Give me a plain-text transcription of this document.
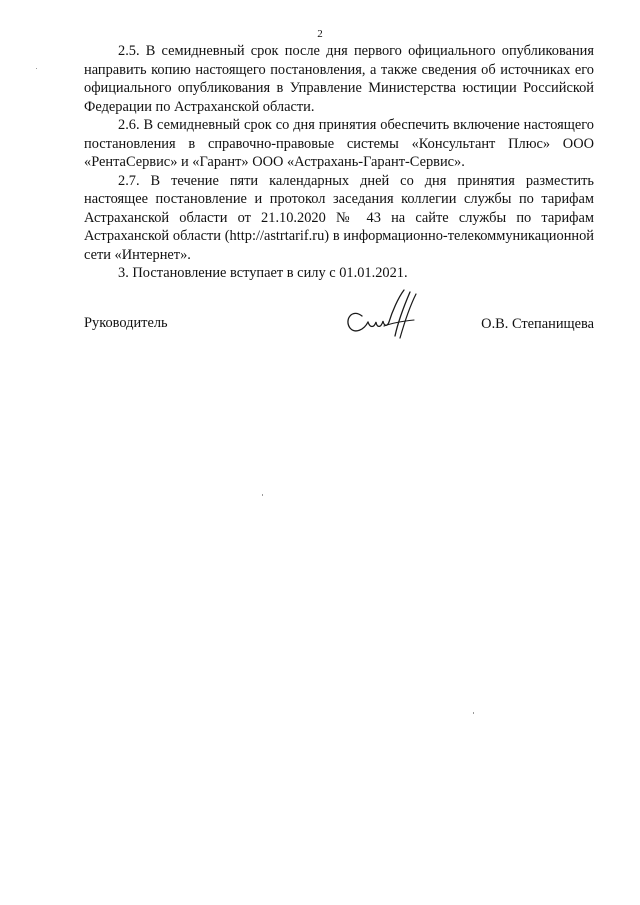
2

2.5. В семидневный срок после дня первого официального опубликования направить копию настоящего постановления, а также сведения об источниках его официального опубликования в Управление Министерства юстиции Российской Федерации по Астраханской области.

2.6. В семидневный срок со дня принятия обеспечить включение настоящего постановления в справочно-правовые системы «Консультант Плюс» ООО «РентаСервис» и «Гарант» ООО «Астрахань-Гарант-Сервис».

2.7. В течение пяти календарных дней со дня принятия разместить настоящее постановление и протокол заседания коллегии службы по тарифам Астраханской области от 21.10.2020 № 43 на сайте службы по тарифам Астраханской области (http://astrtarif.ru) в информационно-телекоммуникационной сети «Интернет».

3. Постановление вступает в силу с 01.01.2021.

Руководитель	О.В. Степанищева
